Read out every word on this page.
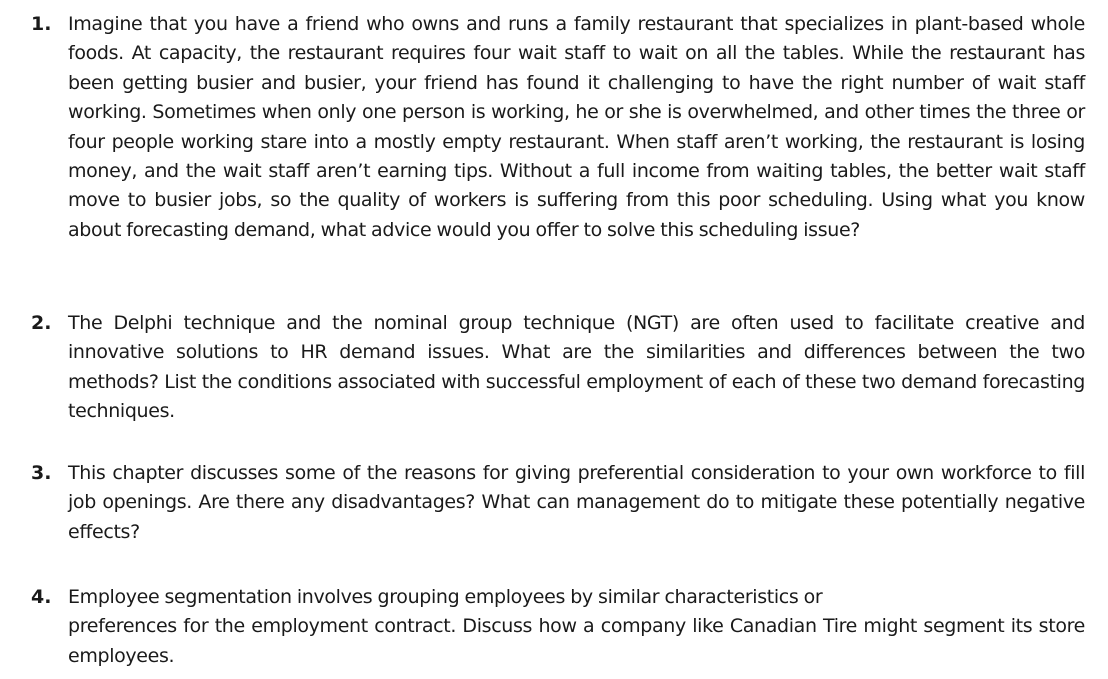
1. Imagine that you have a friend who owns and runs a family restaurant that specializes in plant-based whole foods. At capacity, the restaurant requires four wait staff to wait on all the tables. While the restaurant has been getting busier and busier, your friend has found it challenging to have the right number of wait staff working. Sometimes when only one person is working, he or she is overwhelmed, and other times the three or four people working stare into a mostly empty restaurant. When staff aren’t working, the restaurant is losing money, and the wait staff aren’t earning tips. Without a full income from waiting tables, the better wait staff move to busier jobs, so the quality of workers is suffering from this poor scheduling. Using what you know about forecasting demand, what advice would you offer to solve this scheduling issue?
2. The Delphi technique and the nominal group technique (NGT) are often used to facilitate creative and innovative solutions to HR demand issues. What are the similarities and differences between the two methods? List the conditions associated with successful employment of each of these two demand forecasting techniques.
3. This chapter discusses some of the reasons for giving preferential consideration to your own workforce to fill job openings. Are there any disadvantages? What can management do to mitigate these potentially negative effects?
4. Employee segmentation involves grouping employees by similar characteristics or
preferences for the employment contract. Discuss how a company like Canadian Tire might segment its store employees.
